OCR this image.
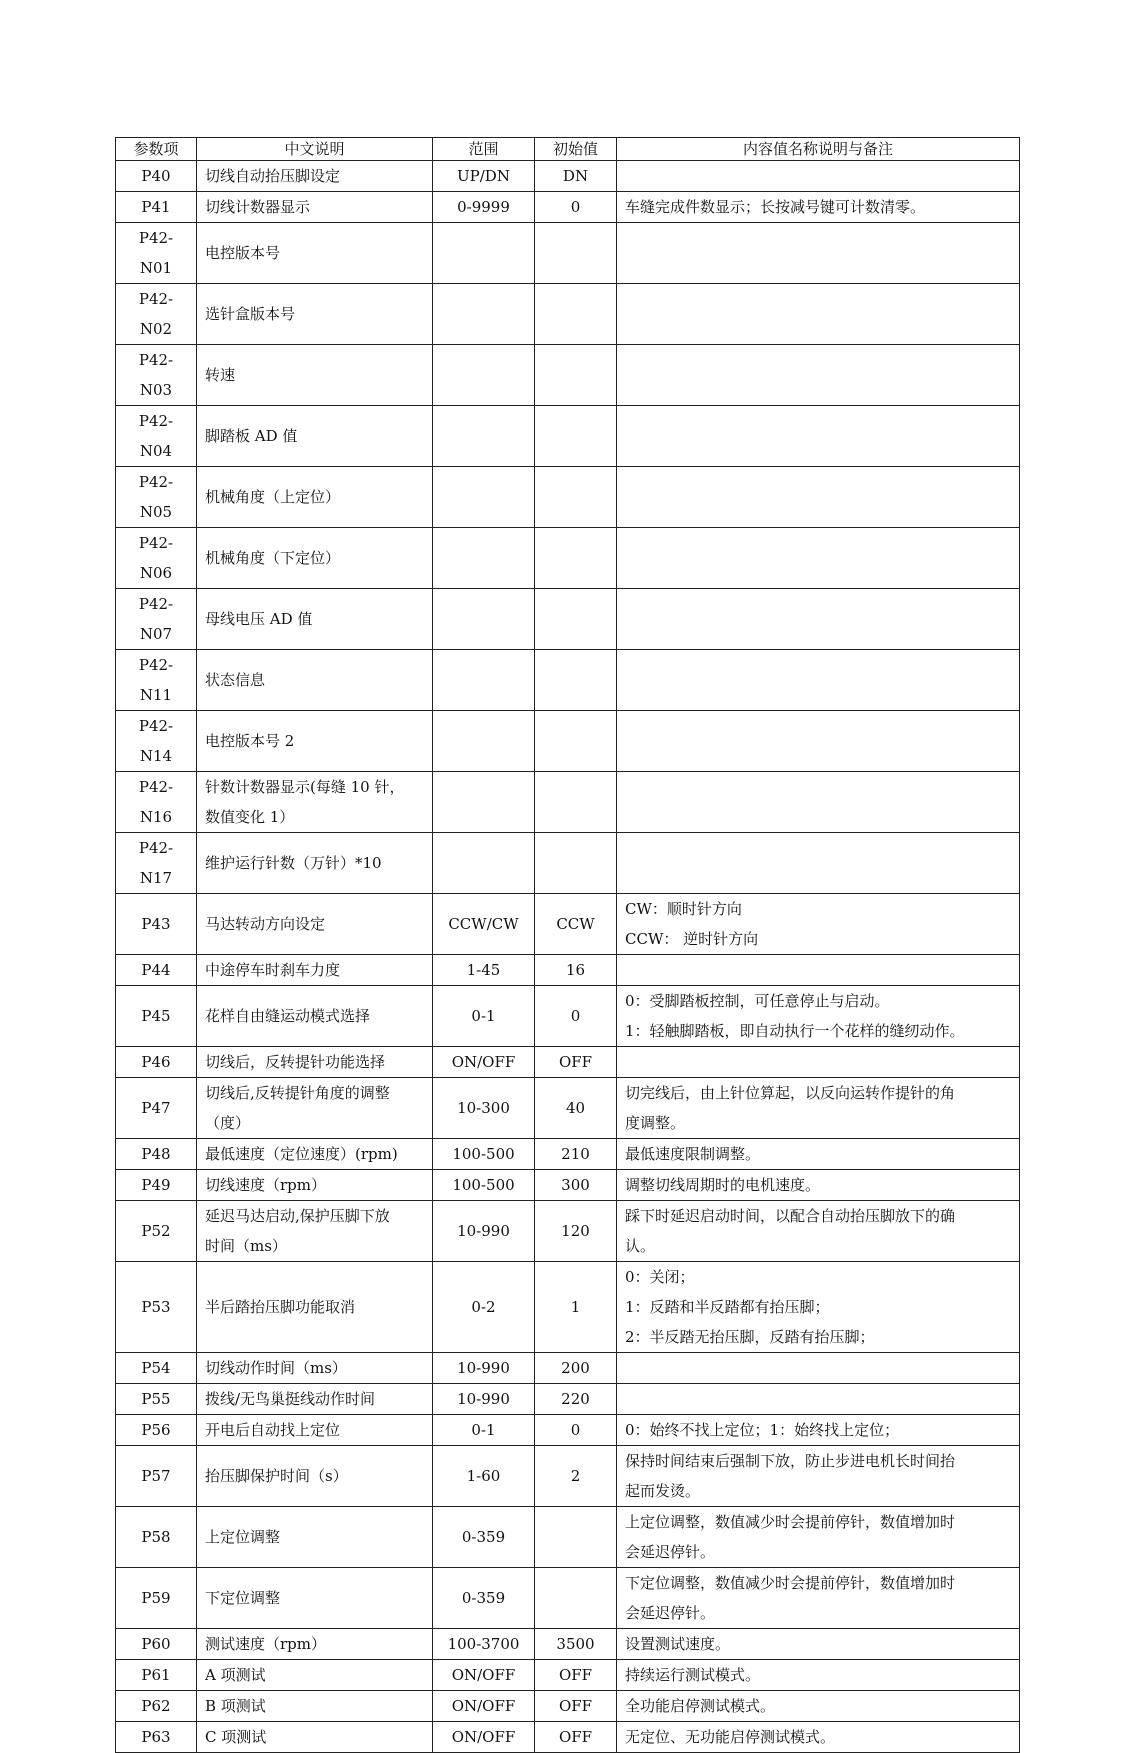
参数项	中文说明	范围	初始值	内容值名称说明与备注
P40	切线自动抬压脚设定	UP/DN	DN	
P41	切线计数器显示	0-9999	0	车缝完成件数显示；长按减号键可计数清零。

P42-N01	电控版本号			

P42-N02	选针盒版本号			

P42-N03	转速			

P42-N04	脚踏板 AD 值			

P42-N05	机械角度（上定位）			

P42-N06	机械角度（下定位）			

P42-N07	母线电压 AD 值			

P42-N11	状态信息			

P42-N14	电控版本号 2			

P42-N16	针数计数器显示(每缝 10 针，
数值变化 1）			

P42-N17	维护运行针数（万针）*10			

P43	马达转动方向设定	CCW/CW	CCW	CW：顺时针方向
CCW： 逆时针方向

P44	中途停车时刹车力度	1-45	16	
P45	花样自由缝运动模式选择	0-1	0	0：受脚踏板控制，可任意停止与启动。
1：轻触脚踏板，即自动执行一个花样的缝纫动作。

P46	切线后，反转提针功能选择	ON/OFF	OFF	
P47	切线后,反转提针角度的调整
（度）	10-300	40	切完线后，由上针位算起，以反向运转作提针的角
度调整。

P48	最低速度（定位速度）(rpm)	100-500	210	最低速度限制调整。

P49	切线速度（rpm）	100-500	300	调整切线周期时的电机速度。

P52	延迟马达启动,保护压脚下放
时间（ms）	10-990	120	踩下时延迟启动时间，以配合自动抬压脚放下的确
认。

P53	半后踏抬压脚功能取消	0-2	1	0：关闭；
1：反踏和半反踏都有抬压脚；
2：半反踏无抬压脚，反踏有抬压脚；

P54	切线动作时间（ms）	10-990	200	
P55	拨线/无鸟巢挺线动作时间	10-990	220	
P56	开电后自动找上定位	0-1	0	0：始终不找上定位；1：始终找上定位；

P57	抬压脚保护时间（s）	1-60	2	保持时间结束后强制下放，防止步进电机长时间抬
起而发烫。

P58	上定位调整	0-359		上定位调整，数值减少时会提前停针，数值增加时
会延迟停针。

P59	下定位调整	0-359		下定位调整，数值减少时会提前停针，数值增加时
会延迟停针。

P60	测试速度（rpm）	100-3700	3500	设置测试速度。

P61	A 项测试	ON/OFF	OFF	持续运行测试模式。

P62	B 项测试	ON/OFF	OFF	全功能启停测试模式。

P63	C 项测试	ON/OFF	OFF	无定位、无功能启停测试模式。
